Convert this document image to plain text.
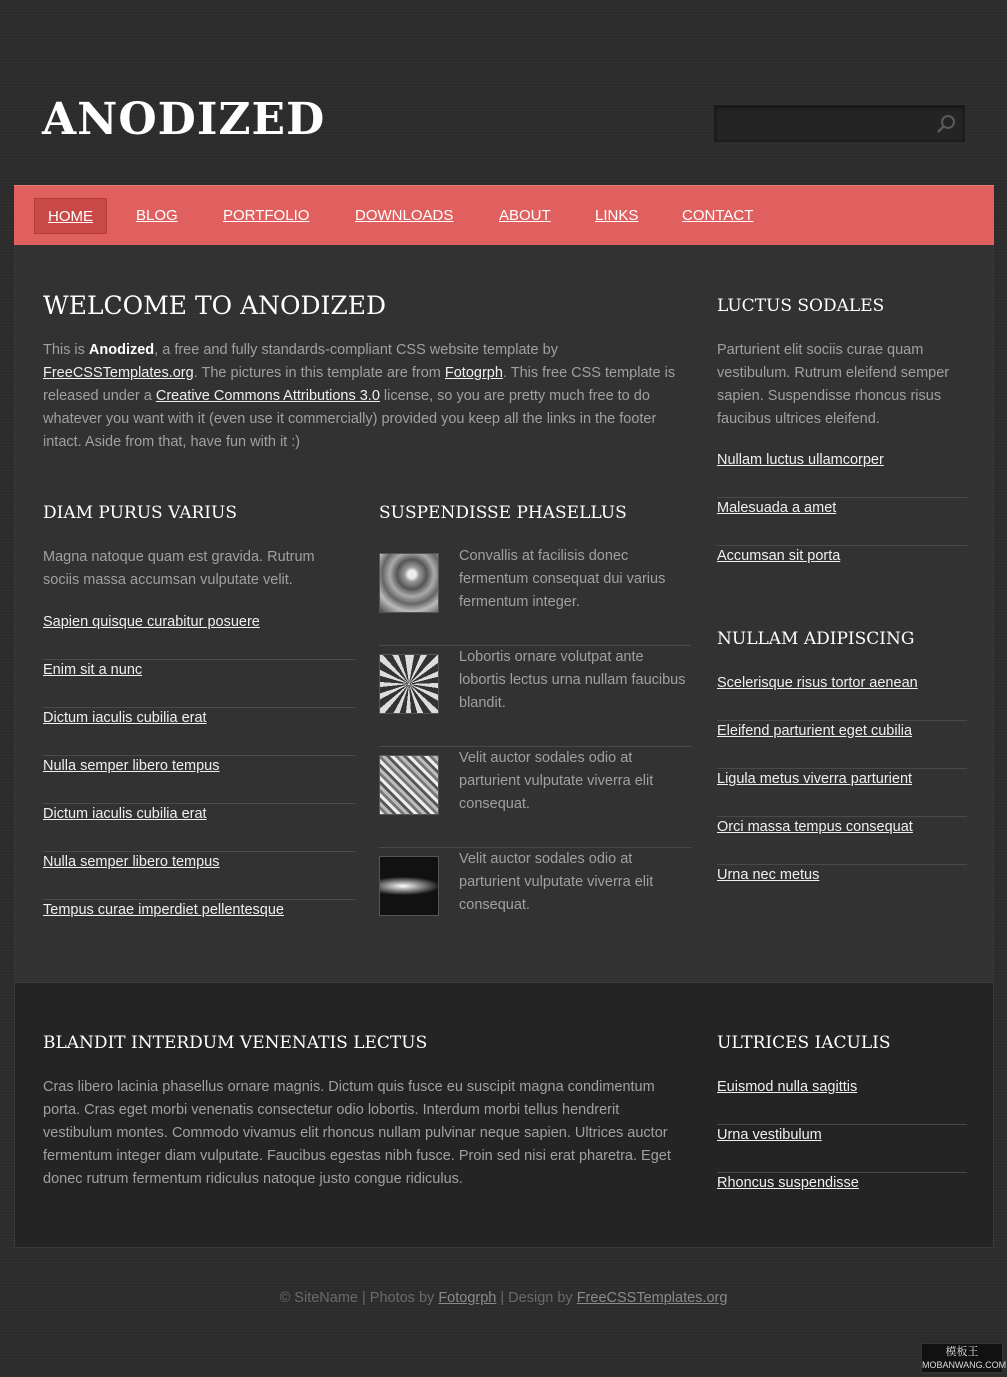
ANODIZED
HOME	BLOG	PORTFOLIO	DOWNLOADS	ABOUT	LINKS	CONTACT
WELCOME TO ANODIZED
This is Anodized, a free and fully standards-compliant CSS website template by FreeCSSTemplates.org. The pictures in this template are from Fotogrph. This free CSS template is released under a Creative Commons Attributions 3.0 license, so you are pretty much free to do whatever you want with it (even use it commercially) provided you keep all the links in the footer intact. Aside from that, have fun with it :)
DIAM PURUS VARIUS
Magna natoque quam est gravida. Rutrum sociis massa accumsan vulputate velit.
Sapien quisque curabitur posuere
Enim sit a nunc
Dictum iaculis cubilia erat
Nulla semper libero tempus
Dictum iaculis cubilia erat
Nulla semper libero tempus
Tempus curae imperdiet pellentesque
SUSPENDISSE PHASELLUS
Convallis at facilisis donec fermentum consequat dui varius fermentum integer.
Lobortis ornare volutpat ante lobortis lectus urna nullam faucibus blandit.
Velit auctor sodales odio at parturient vulputate viverra elit consequat.
Velit auctor sodales odio at parturient vulputate viverra elit consequat.
LUCTUS SODALES
Parturient elit sociis curae quam vestibulum. Rutrum eleifend semper sapien. Suspendisse rhoncus risus faucibus ultrices eleifend.
Nullam luctus ullamcorper
Malesuada a amet
Accumsan sit porta
NULLAM ADIPISCING
Scelerisque risus tortor aenean
Eleifend parturient eget cubilia
Ligula metus viverra parturient
Orci massa tempus consequat
Urna nec metus
BLANDIT INTERDUM VENENATIS LECTUS
Cras libero lacinia phasellus ornare magnis. Dictum quis fusce eu suscipit magna condimentum porta. Cras eget morbi venenatis consectetur odio lobortis. Interdum morbi tellus hendrerit vestibulum montes. Commodo vivamus elit rhoncus nullam pulvinar neque sapien. Ultrices auctor fermentum integer diam vulputate. Faucibus egestas nibh fusce. Proin sed nisi erat pharetra. Eget donec rutrum fermentum ridiculus natoque justo congue ridiculus.
ULTRICES IACULIS
Euismod nulla sagittis
Urna vestibulum
Rhoncus suspendisse
© SiteName | Photos by Fotogrph | Design by FreeCSSTemplates.org
模板王
MOBANWANG.COM
